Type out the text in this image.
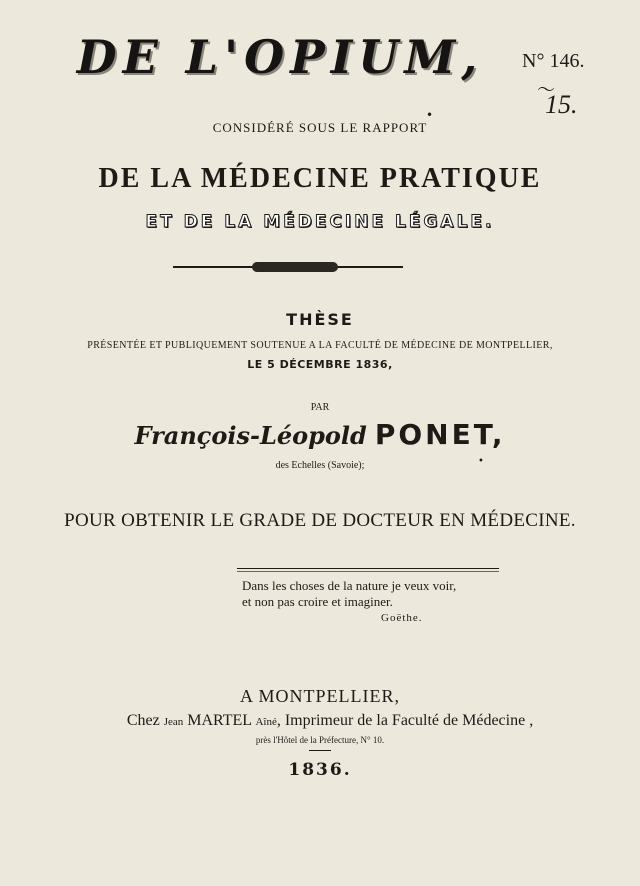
DE L'OPIUM,	N° 146.
〜
15.
•
CONSIDÉRÉ SOUS LE RAPPORT
DE LA MÉDECINE PRATIQUE
ET DE LA MÉDECINE LÉGALE.
THÈSE
PRÉSENTÉE ET PUBLIQUEMENT SOUTENUE A LA FACULTÉ DE MÉDECINE DE MONTPELLIER,
LE 5 DÉCEMBRE 1836,
PAR
François-Léopold PONET,
des Echelles (Savoie);	•
POUR OBTENIR LE GRADE DE DOCTEUR EN MÉDECINE.
Dans les choses de la nature je veux voir,
et non pas croire et imaginer.
Goëthe.
A MONTPELLIER,
Chez Jean MARTEL Aîné, Imprimeur de la Faculté de Médecine ,
près l'Hôtel de la Préfecture, N° 10.
1836.
